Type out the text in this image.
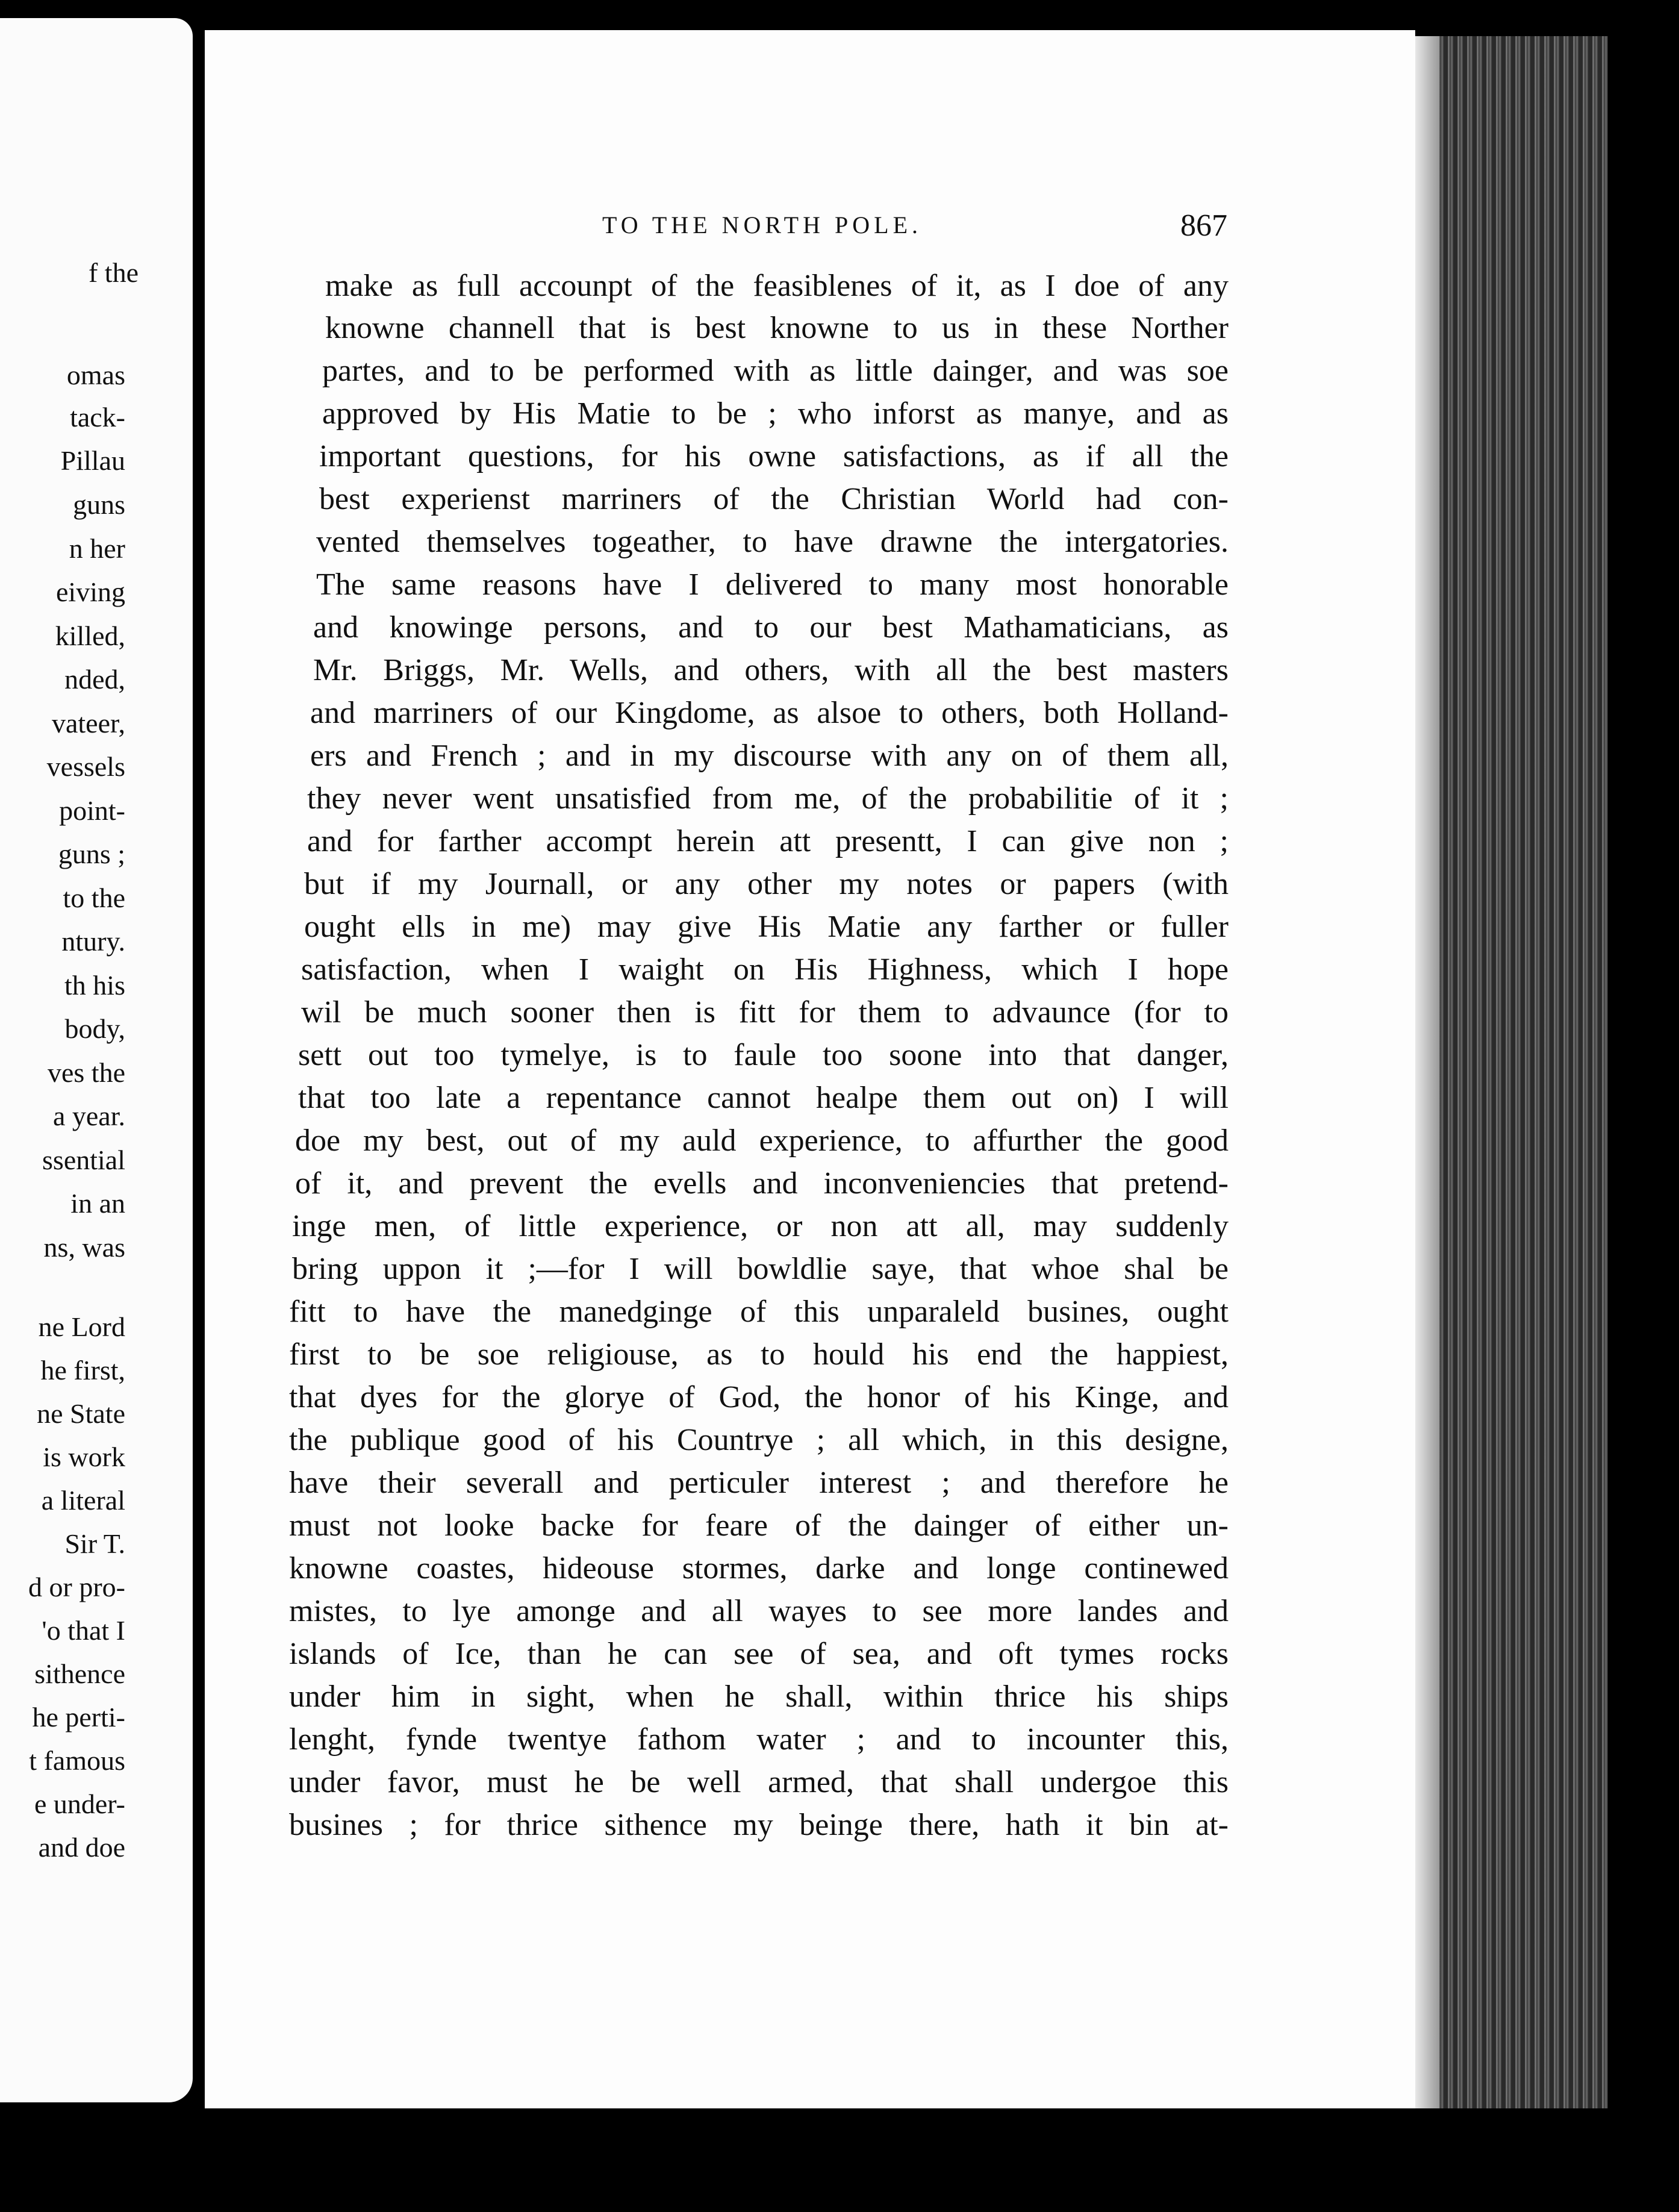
f the
omas
tack-
Pillau
guns
n her
eiving
killed,
nded,
vateer,
vessels
point-
guns ;
to the
ntury.
th his
body,
ves the
a year.
ssential
in an
ns, was
ne Lord
he first,
ne State
is work
a literal
Sir T.
d or pro-
'o that I
sithence
he perti-
t famous
e under-
and doe
TO THE NORTH POLE.	867
make as full accounpt of the feasiblenes of it, as I doe of any
knowne channell that is best knowne to us in these Norther
partes, and to be performed with as little dainger, and was soe
approved by His Matie to be ; who inforst as manye, and as
important questions, for his owne satisfactions, as if all the
best experienst marriners of the Christian World had con-
vented themselves togeather, to have drawne the intergatories.
The same reasons have I delivered to many most honorable
and knowinge persons, and to our best Mathamaticians, as
Mr. Briggs, Mr. Wells, and others, with all the best masters
and marriners of our Kingdome, as alsoe to others, both Holland-
ers and French ; and in my discourse with any on of them all,
they never went unsatisfied from me, of the probabilitie of it ;
and for farther accompt herein att presentt, I can give non ;
but if my Journall, or any other my notes or papers (with
ought ells in me) may give His Matie any farther or fuller
satisfaction, when I waight on His Highness, which I hope
wil be much sooner then is fitt for them to advaunce (for to
sett out too tymelye, is to faule too soone into that danger,
that too late a repentance cannot healpe them out on) I will
doe my best, out of my auld experience, to affurther the good
of it, and prevent the evells and inconveniencies that pretend-
inge men, of little experience, or non att all, may suddenly
bring uppon it ;—for I will bowldlie saye, that whoe shal be
fitt to have the manedginge of this unparaleld busines, ought
first to be soe religiouse, as to hould his end the happiest,
that dyes for the glorye of God, the honor of his Kinge, and
the publique good of his Countrye ; all which, in this designe,
have their severall and perticuler interest ; and therefore he
must not looke backe for feare of the dainger of either un-
knowne coastes, hideouse stormes, darke and longe continewed
mistes, to lye amonge and all wayes to see more landes and
islands of Ice, than he can see of sea, and oft tymes rocks
under him in sight, when he shall, within thrice his ships
lenght, fynde twentye fathom water ; and to incounter this,
under favor, must he be well armed, that shall undergoe this
busines ; for thrice sithence my beinge there, hath it bin at-
